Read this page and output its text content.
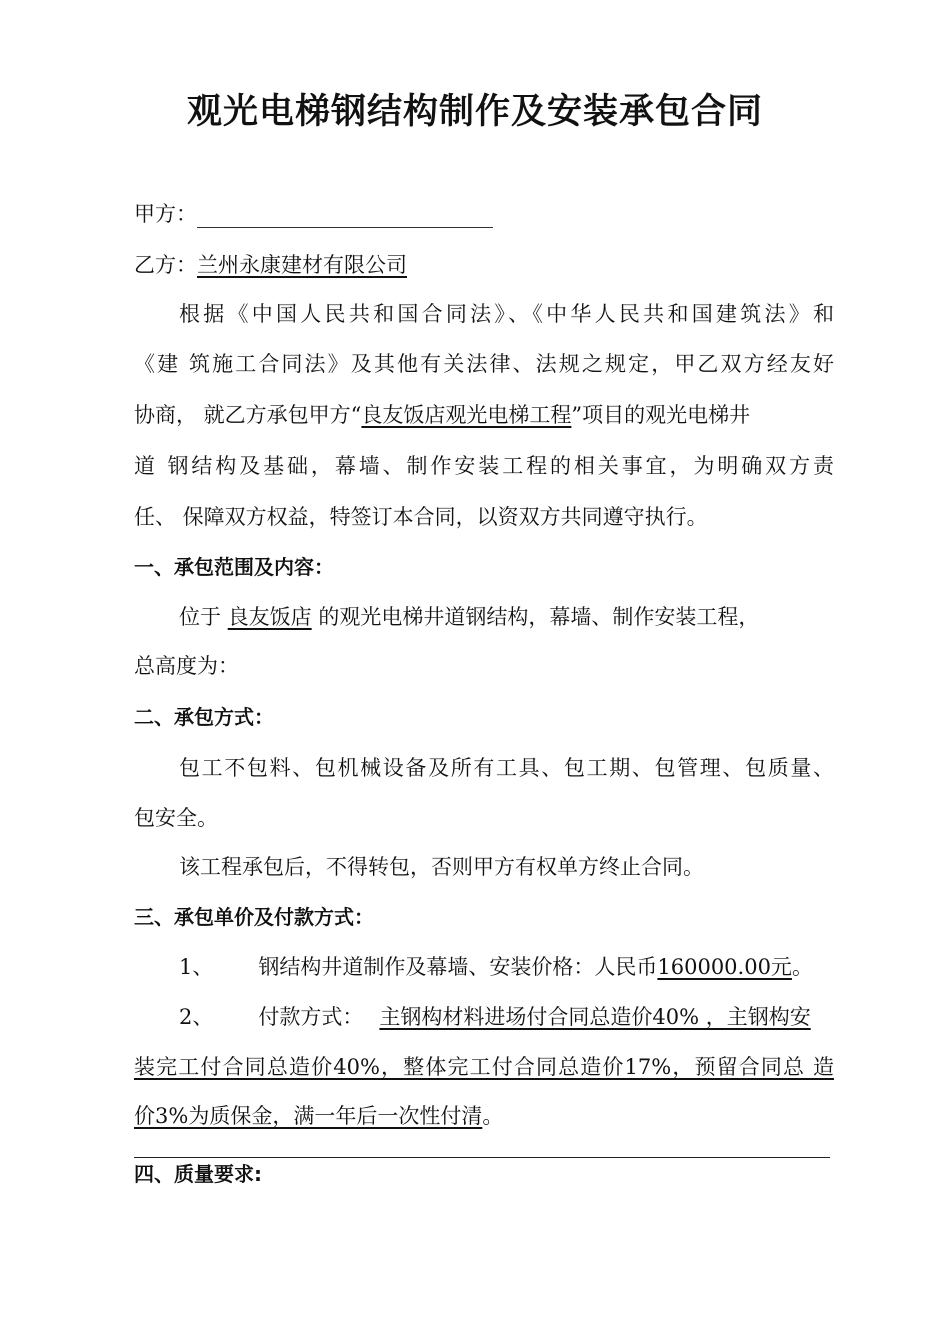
观光电梯钢结构制作及安装承包合同
甲方：
乙方：兰州永康建材有限公司
根据《中国人民共和国合同法》、《中华人民共和国建筑法》和
《建 筑施工合同法》及其他有关法律、法规之规定，甲乙双方经友好
协商， 就乙方承包甲方“良友饭店观光电梯工程”项目的观光电梯井
道 钢结构及基础，幕墙、制作安装工程的相关事宜，为明确双方责
任、 保障双方权益，特签订本合同，以资双方共同遵守执行。
一、承包范围及内容：
位于 良友饭店 的观光电梯井道钢结构，幕墙、制作安装工程，
总高度为：
二、承包方式：
包工不包料、包机械设备及所有工具、包工期、包管理、包质量、
包安全。
该工程承包后，不得转包，否则甲方有权单方终止合同。
三、承包单价及付款方式：
1、 钢结构井道制作及幕墙、安装价格：人民币160000.00元。
2、 付款方式： 主钢构材料进场付合同总造价40% ，主钢构安
装完工付合同总造价40%，整体完工付合同总造价17%，预留合同总 造
价3%为质保金，满一年后一次性付清。
四、质量要求:
